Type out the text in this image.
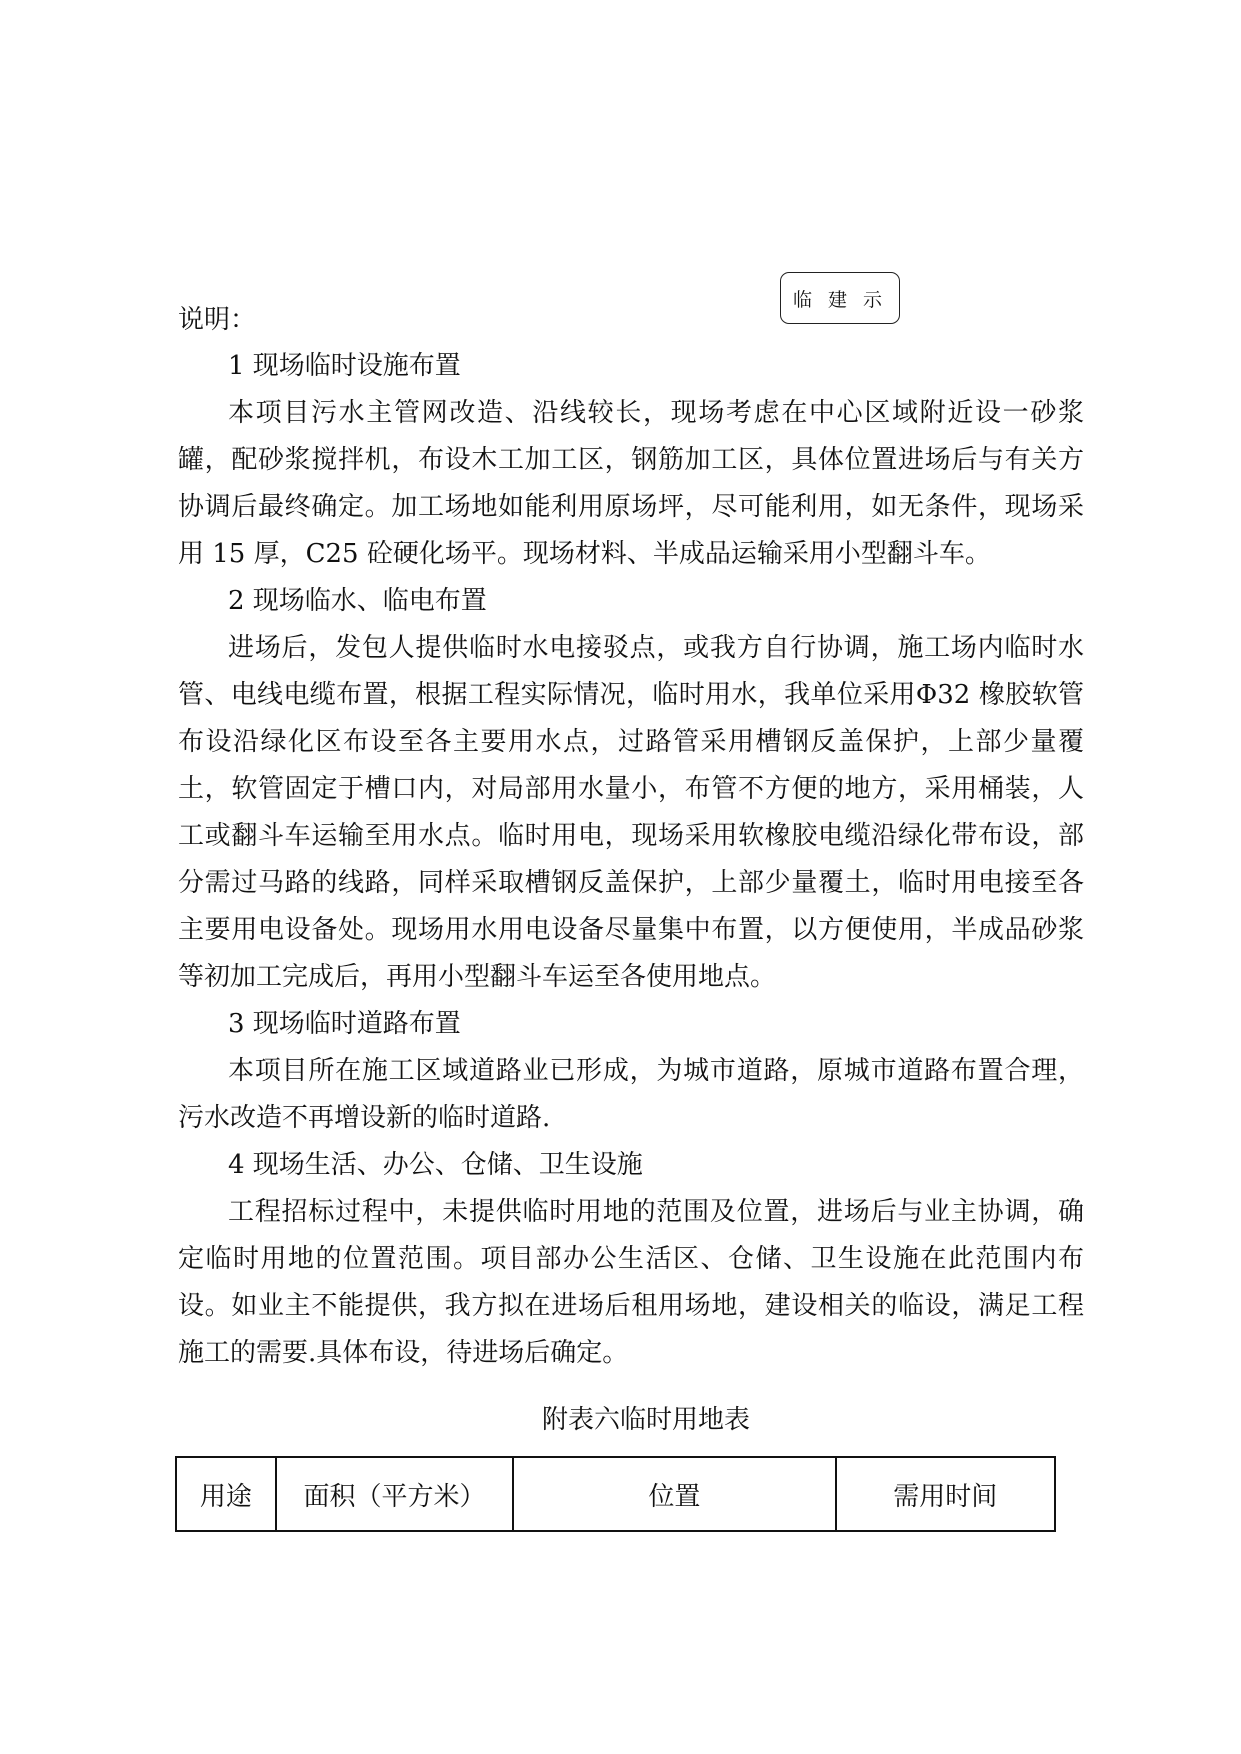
临 建 示
说明：

1 现场临时设施布置

本项目污水主管网改造、沿线较长，现场考虑在中心区域附近设一砂浆罐，配砂浆搅拌机，布设木工加工区，钢筋加工区，具体位置进场后与有关方协调后最终确定。加工场地如能利用原场坪，尽可能利用，如无条件，现场采用 15 厚，C25 砼硬化场平。现场材料、半成品运输采用小型翻斗车。

2 现场临水、临电布置

进场后，发包人提供临时水电接驳点，或我方自行协调，施工场内临时水管、电线电缆布置，根据工程实际情况，临时用水，我单位采用Φ32 橡胶软管布设沿绿化区布设至各主要用水点，过路管采用槽钢反盖保护，上部少量覆土，软管固定于槽口内，对局部用水量小，布管不方便的地方，采用桶装，人工或翻斗车运输至用水点。临时用电，现场采用软橡胶电缆沿绿化带布设，部分需过马路的线路，同样采取槽钢反盖保护，上部少量覆土，临时用电接至各主要用电设备处。现场用水用电设备尽量集中布置，以方便使用，半成品砂浆等初加工完成后，再用小型翻斗车运至各使用地点。

3 现场临时道路布置

本项目所在施工区域道路业已形成，为城市道路，原城市道路布置合理，污水改造不再增设新的临时道路.

4 现场生活、办公、仓储、卫生设施

工程招标过程中，未提供临时用地的范围及位置，进场后与业主协调，确定临时用地的位置范围。项目部办公生活区、仓储、卫生设施在此范围内布设。如业主不能提供，我方拟在进场后租用场地，建设相关的临设，满足工程施工的需要.具体布设，待进场后确定。

附表六临时用地表

用途	面积（平方米）	位置	需用时间
